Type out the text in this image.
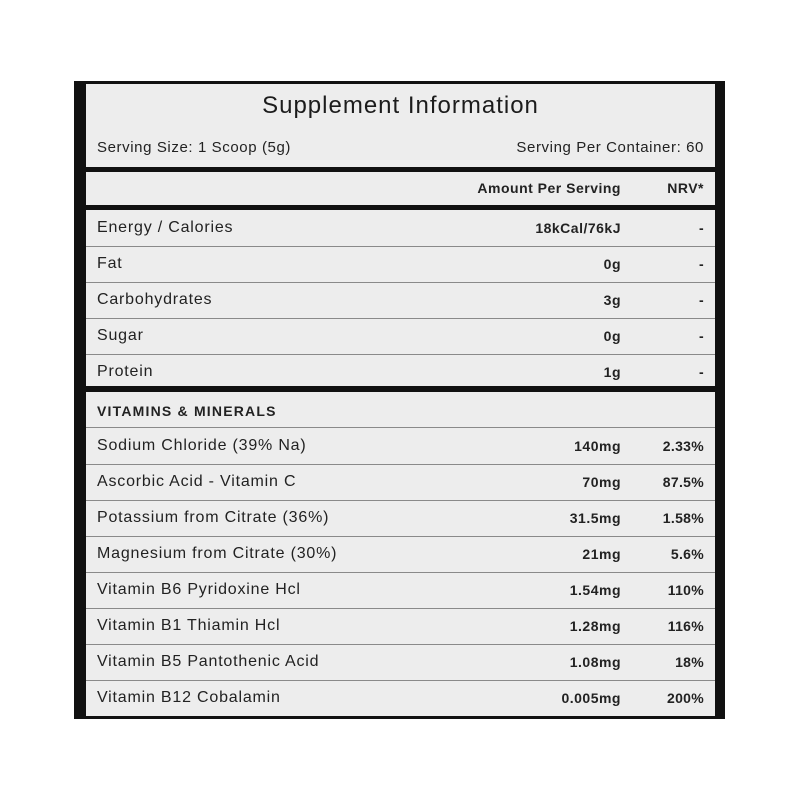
Supplement Information
Serving Size: 1 Scoop (5g)	Serving Per Container: 60
Amount Per Serving	NRV*
Energy / Calories	18kCal/76kJ	-
Fat	0g	-
Carbohydrates	3g	-
Sugar	0g	-
Protein	1g	-
VITAMINS & MINERALS
Sodium Chloride (39% Na)	140mg	2.33%
Ascorbic Acid - Vitamin C	70mg	87.5%
Potassium from Citrate (36%)	31.5mg	1.58%
Magnesium from Citrate (30%)	21mg	5.6%
Vitamin B6 Pyridoxine Hcl	1.54mg	110%
Vitamin B1 Thiamin Hcl	1.28mg	116%
Vitamin B5 Pantothenic Acid	1.08mg	18%
Vitamin B12 Cobalamin	0.005mg	200%
